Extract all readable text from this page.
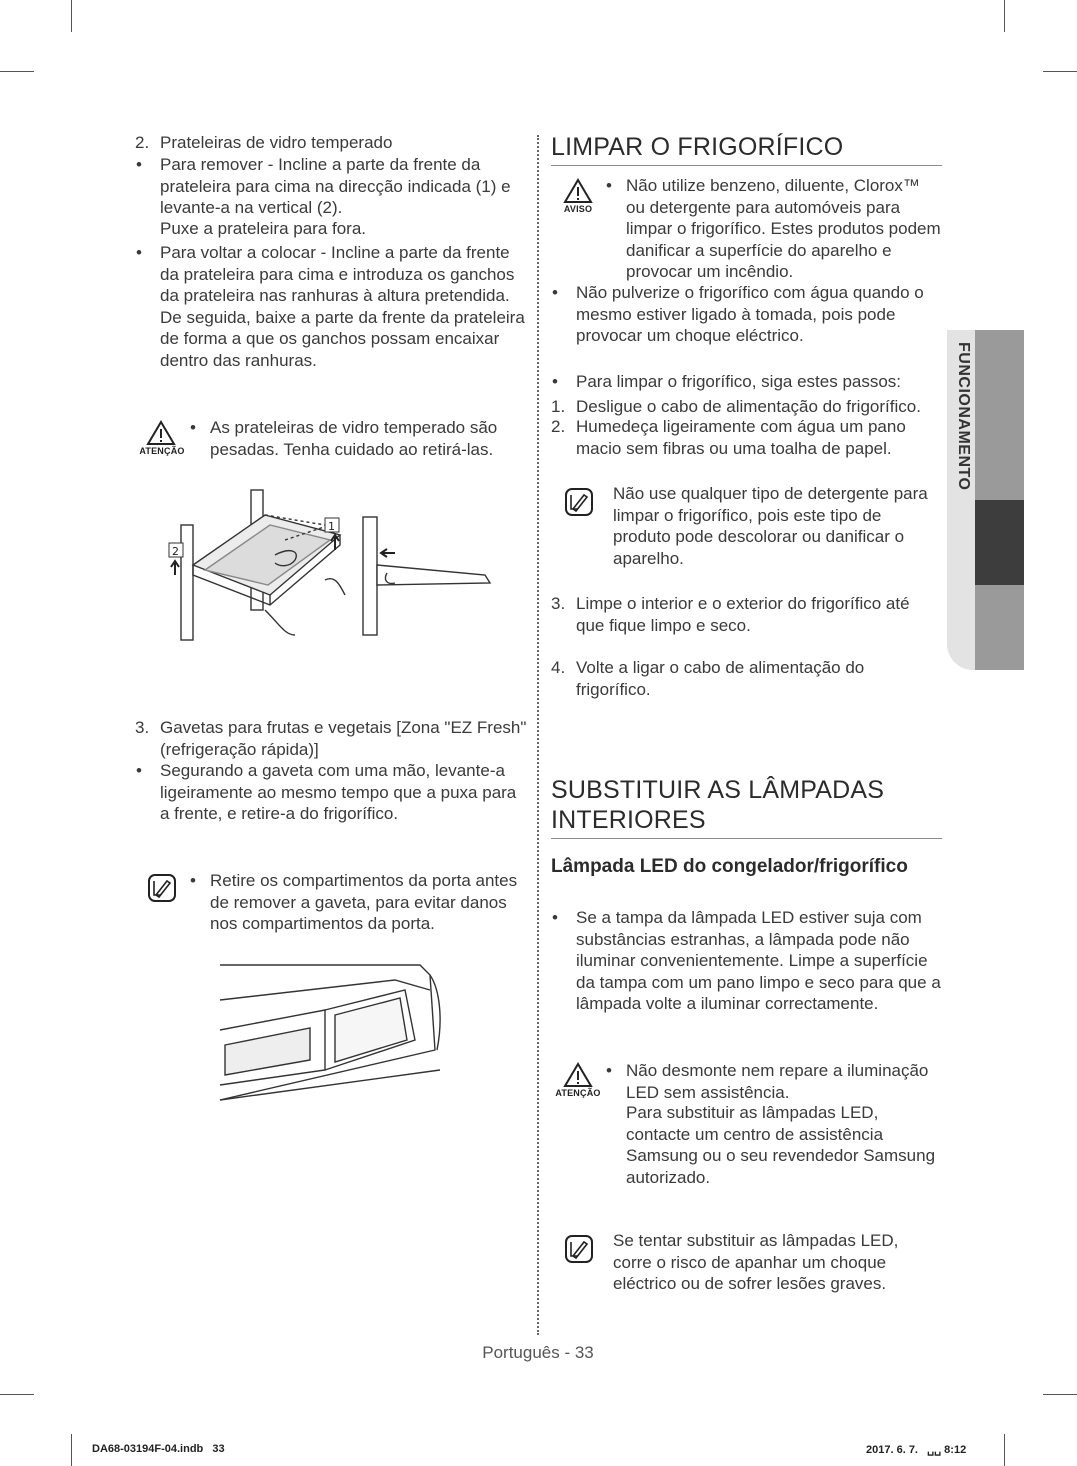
2. Prateleiras de vidro temperado
• Para remover - Incline a parte da frente da prateleira para cima na direcção indicada (1) e levante-a na vertical (2).
Puxe a prateleira para fora.
• Para voltar a colocar - Incline a parte da frente da prateleira para cima e introduza os ganchos da prateleira nas ranhuras à altura pretendida. De seguida, baixe a parte da frente da prateleira de forma a que os ganchos possam encaixar dentro das ranhuras.
ATENÇÃO
• As prateleiras de vidro temperado são pesadas. Tenha cuidado ao retirá-las.
1
2
3. Gavetas para frutas e vegetais [Zona "EZ Fresh" (refrigeração rápida)]
• Segurando a gaveta com uma mão, levante-a ligeiramente ao mesmo tempo que a puxa para a frente, e retire-a do frigorífico.
• Retire os compartimentos da porta antes de remover a gaveta, para evitar danos nos compartimentos da porta.
LIMPAR O FRIGORÍFICO
AVISO
• Não utilize benzeno, diluente, Clorox™ ou detergente para automóveis para limpar o frigorífico. Estes produtos podem danificar a superfície do aparelho e provocar um incêndio.
• Não pulverize o frigorífico com água quando o mesmo estiver ligado à tomada, pois pode provocar um choque eléctrico.
• Para limpar o frigorífico, siga estes passos:
1. Desligue o cabo de alimentação do frigorífico.
2. Humedeça ligeiramente com água um pano macio sem fibras ou uma toalha de papel.
Não use qualquer tipo de detergente para limpar o frigorífico, pois este tipo de produto pode descolorar ou danificar o aparelho.
3. Limpe o interior e o exterior do frigorífico até que fique limpo e seco.
4. Volte a ligar o cabo de alimentação do frigorífico.
SUBSTITUIR AS LÂMPADAS INTERIORES
Lâmpada LED do congelador/frigorífico
• Se a tampa da lâmpada LED estiver suja com substâncias estranhas, a lâmpada pode não iluminar convenientemente. Limpe a superfície da tampa com um pano limpo e seco para que a lâmpada volte a iluminar correctamente.
ATENÇÃO
• Não desmonte nem repare a iluminação LED sem assistência.
Para substituir as lâmpadas LED, contacte um centro de assistência Samsung ou o seu revendedor Samsung autorizado.
Se tentar substituir as lâmpadas LED, corre o risco de apanhar um choque eléctrico ou de sofrer lesões graves.
FUNCIONAMENTO
Português - 33
DA68-03194F-04.indb   33	2017. 6. 7.   ␣␣ 8:12
